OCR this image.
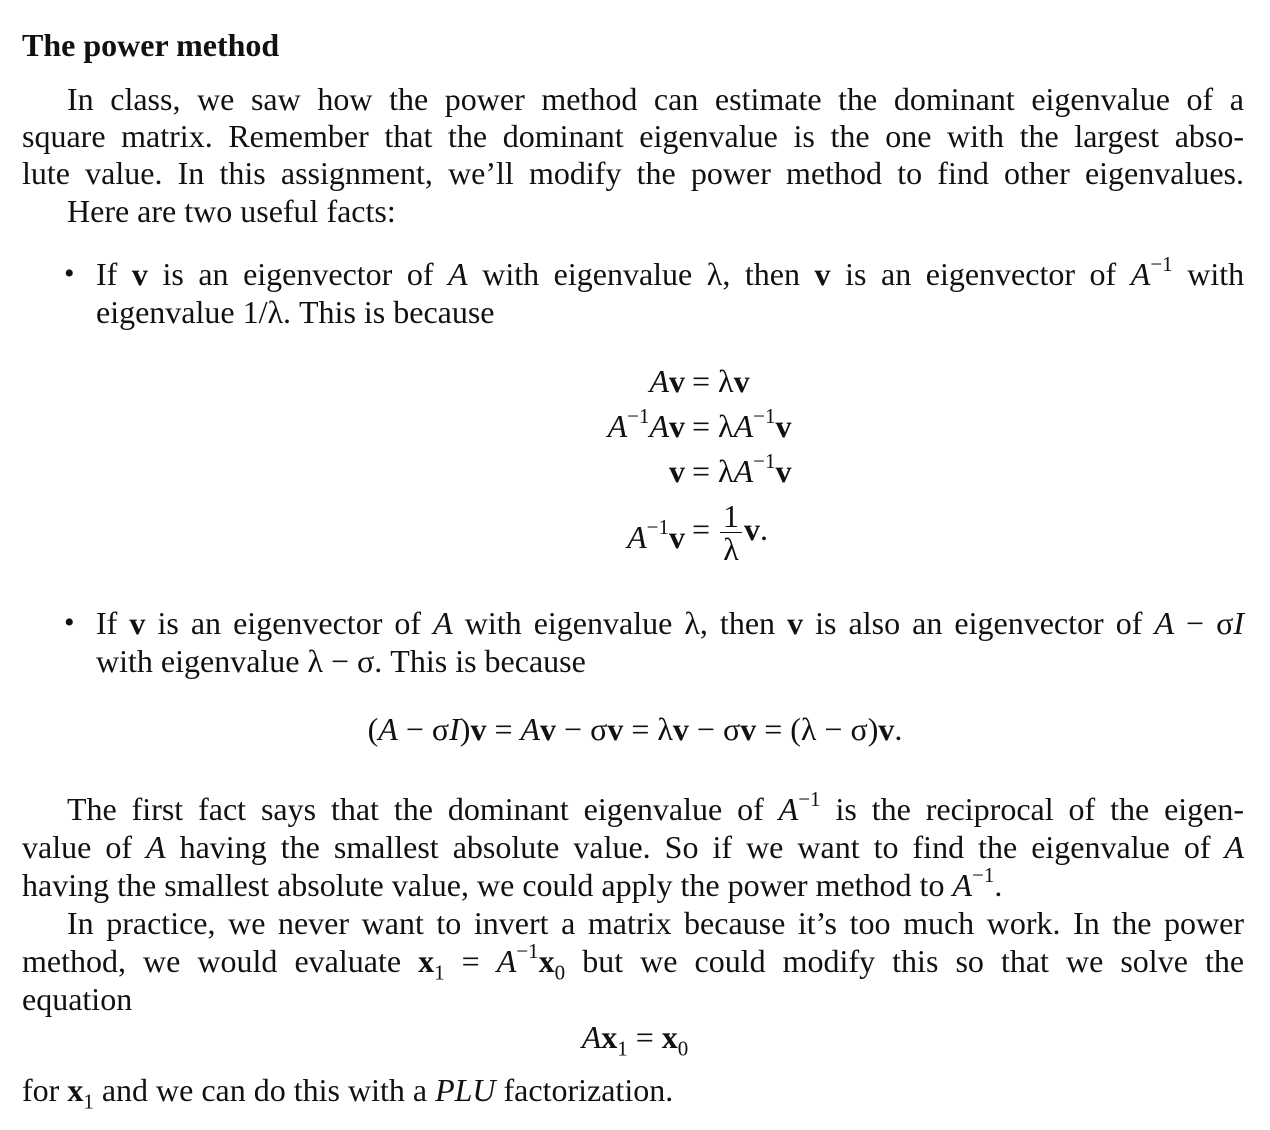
The power method
In class, we saw how the power method can estimate the dominant eigenvalue of a
square matrix. Remember that the dominant eigenvalue is the one with the largest abso-
lute value. In this assignment, we’ll modify the power method to find other eigenvalues.
Here are two useful facts:
• If v is an eigenvector of A with eigenvalue λ, then v is an eigenvector of $A^{-1}$ with
eigenvalue 1/λ. This is because
Av = λv
$A^{-1}Av = \lambda A^{-1}v$
$v = \lambda A^{-1}v$
$A^{-1}v = \frac{1}{\lambda} v$.
• If v is an eigenvector of A with eigenvalue λ, then v is also an eigenvector of A − σI
with eigenvalue λ − σ. This is because
(A − σI)v = Av − σv = λv − σv = (λ − σ)v.
The first fact says that the dominant eigenvalue of $A^{-1}$ is the reciprocal of the eigen-
value of A having the smallest absolute value. So if we want to find the eigenvalue of A
having the smallest absolute value, we could apply the power method to $A^{-1}$.
In practice, we never want to invert a matrix because it’s too much work. In the power
method, we would evaluate $x_1 = A^{-1}x_0$ but we could modify this so that we solve the
equation
$Ax_1 = x_0$
for $x_1$ and we can do this with a PLU factorization.
